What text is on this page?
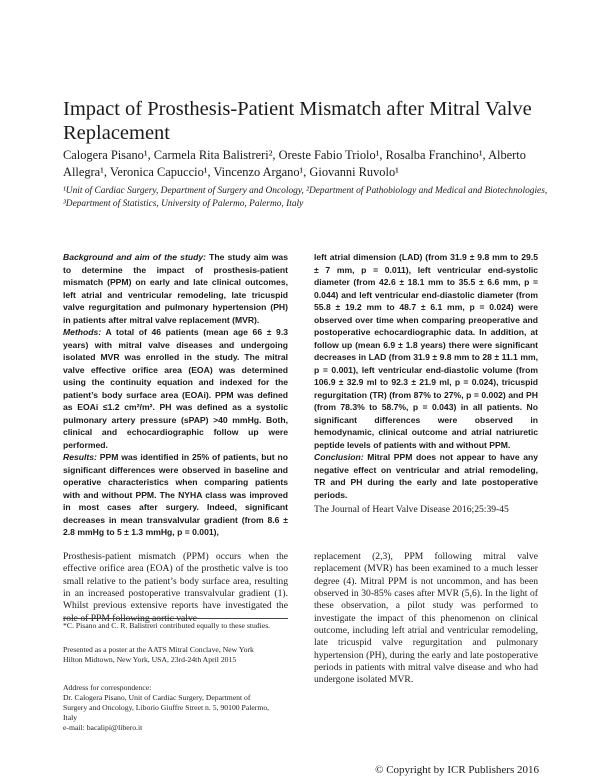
Impact of Prosthesis-Patient Mismatch after Mitral Valve Replacement

Calogera Pisano¹, Carmela Rita Balistreri², Oreste Fabio Triolo¹, Rosalba Franchino¹, Alberto Allegra¹, Veronica Capuccio¹, Vincenzo Argano¹, Giovanni Ruvolo¹

¹Unit of Cardiac Surgery, Department of Surgery and Oncology, ²Department of Pathobiology and Medical and Biotechnologies, ³Department of Statistics, University of Palermo, Palermo, Italy

Background and aim of the study: The study aim was to determine the impact of prosthesis-patient mismatch (PPM) on early and late clinical outcomes, left atrial and ventricular remodeling, late tricuspid valve regurgitation and pulmonary hypertension (PH) in patients after mitral valve replacement (MVR).

Methods: A total of 46 patients (mean age 66 ± 9.3 years) with mitral valve diseases and undergoing isolated MVR was enrolled in the study. The mitral valve effective orifice area (EOA) was determined using the continuity equation and indexed for the patient’s body surface area (EOAi). PPM was defined as EOAi ≤1.2 cm²/m². PH was defined as a systolic pulmonary artery pressure (sPAP) >40 mmHg. Both, clinical and echocardiographic follow up were performed.

Results: PPM was identified in 25% of patients, but no significant differences were observed in baseline and operative characteristics when comparing patients with and without PPM. The NYHA class was improved in most cases after surgery. Indeed, significant decreases in mean transvalvular gradient (from 8.6 ± 2.8 mmHg to 5 ± 1.3 mmHg, p = 0.001),

left atrial dimension (LAD) (from 31.9 ± 9.8 mm to 29.5 ± 7 mm, p = 0.011), left ventricular end-systolic diameter (from 42.6 ± 18.1 mm to 35.5 ± 6.6 mm, p = 0.044) and left ventricular end-diastolic diameter (from 55.8 ± 19.2 mm to 48.7 ± 6.1 mm, p = 0.024) were observed over time when comparing preoperative and postoperative echocardiographic data. In addition, at follow up (mean 6.9 ± 1.8 years) there were significant decreases in LAD (from 31.9 ± 9.8 mm to 28 ± 11.1 mm, p = 0.001), left ventricular end-diastolic volume (from 106.9 ± 32.9 ml to 92.3 ± 21.9 ml, p = 0.024), tricuspid regurgitation (TR) (from 87% to 27%, p = 0.002) and PH (from 78.3% to 58.7%, p = 0.043) in all patients. No significant differences were observed in hemodynamic, clinical outcome and atrial natriuretic peptide levels of patients with and without PPM.

Conclusion: Mitral PPM does not appear to have any negative effect on ventricular and atrial remodeling, TR and PH during the early and late postoperative periods.

The Journal of Heart Valve Disease 2016;25:39-45

Prosthesis-patient mismatch (PPM) occurs when the effective orifice area (EOA) of the prosthetic valve is too small relative to the patient’s body surface area, resulting in an increased postoperative transvalvular gradient (1). Whilst previous extensive reports have investigated the role of PPM following aortic valve

replacement (2,3), PPM following mitral valve replacement (MVR) has been examined to a much lesser degree (4). Mitral PPM is not uncommon, and has been observed in 30-85% cases after MVR (5,6). In the light of these observation, a pilot study was performed to investigate the impact of this phenomenon on clinical outcome, including left atrial and ventricular remodeling, late tricuspid valve regurgitation and pulmonary hypertension (PH), during the early and late postoperative periods in patients with mitral valve disease and who had undergone isolated MVR.

*C. Pisano and C. R. Balistreri contributed equally to these studies.

Presented as a poster at the AATS Mitral Conclave, New York
Hilton Midtown, New York, USA, 23rd-24th April 2015

Address for correspondence:
Dr. Calogera Pisano, Unit of Cardiac Surgery, Department of
Surgery and Oncology, Liborio Giuffre Street n. 5, 90100 Palermo,
Italy
e-mail: bacalipi@libero.it

© Copyright by ICR Publishers 2016
